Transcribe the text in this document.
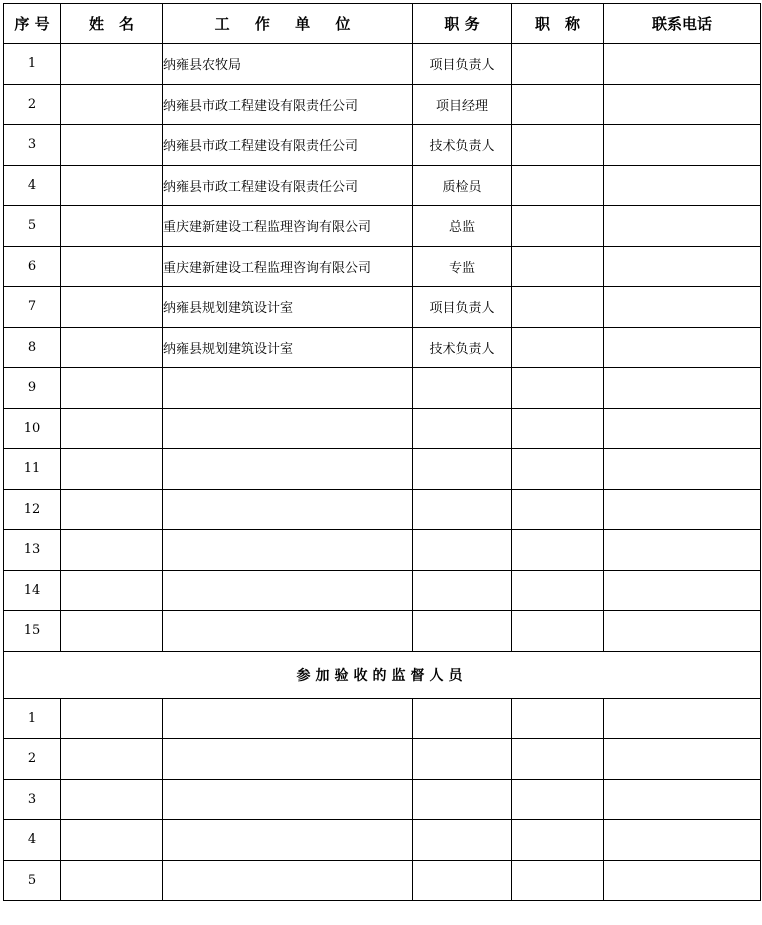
序 号	姓　名	工 作 单 位	职 务	职　称	联系电话
1		纳雍县农牧局	项目负责人		
2		纳雍县市政工程建设有限责任公司	项目经理		
3		纳雍县市政工程建设有限责任公司	技术负责人		
4		纳雍县市政工程建设有限责任公司	质检员		
5		重庆建新建设工程监理咨询有限公司	总监		
6		重庆建新建设工程监理咨询有限公司	专监		
7		纳雍县规划建筑设计室	项目负责人		
8		纳雍县规划建筑设计室	技术负责人		
9					
10					
11					
12					
13					
14					
15					
参加验收的监督人员					
1					
2					
3					
4					
5					
